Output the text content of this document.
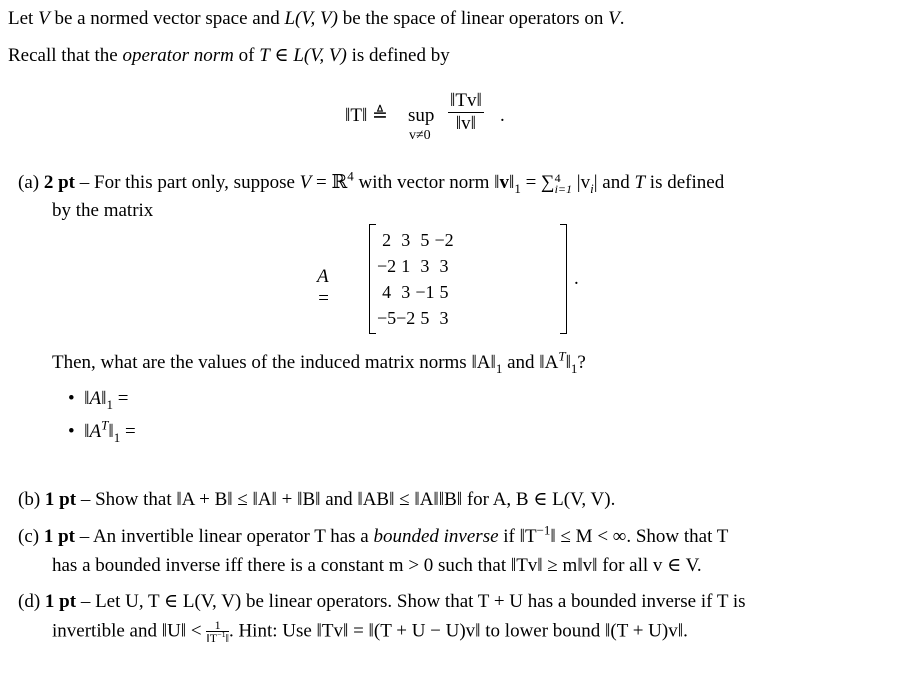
Let V be a normed vector space and L(V, V) be the space of linear operators on V.
Recall that the operator norm of T ∈ L(V, V) is defined by
‖T‖ ≜ sup
v≠0
$\frac{‖Tv‖}{‖v‖}$ .
(a) 2 pt – For this part only, suppose V = ℝ$^4$ with vector norm $‖v‖_1$ = ∑ 4
i=1 $|v_i|$ and T is defined
by the matrix
A =
2	3	5	−2
−2	1	3	3
4	3	−1	5
−5	−2	5	3
.
Then, what are the values of the induced matrix norms $‖A‖_1$ and $‖A^T‖_1$?
• $‖A‖_1$ =
• $‖A^T‖_1$ =
(b) 1 pt – Show that ‖A + B‖ ≤ ‖A‖ + ‖B‖ and ‖AB‖ ≤ ‖A‖‖B‖ for A, B ∈ L(V, V).
(c) 1 pt – An invertible linear operator T has a bounded inverse if $‖T^{-1}‖ \le M$ < ∞. Show that T
has a bounded inverse iff there is a constant m > 0 such that ‖Tv‖ ≥ m‖v‖ for all v ∈ V.
(d) 1 pt – Let U, T ∈ L(V, V) be linear operators. Show that T + U has a bounded inverse if T is
invertible and ‖U‖ < $\frac{1}{‖T^{-1}‖}$ . Hint: Use ‖Tv‖ = ‖(T + U − U)v‖ to lower bound ‖(T + U)v‖.
